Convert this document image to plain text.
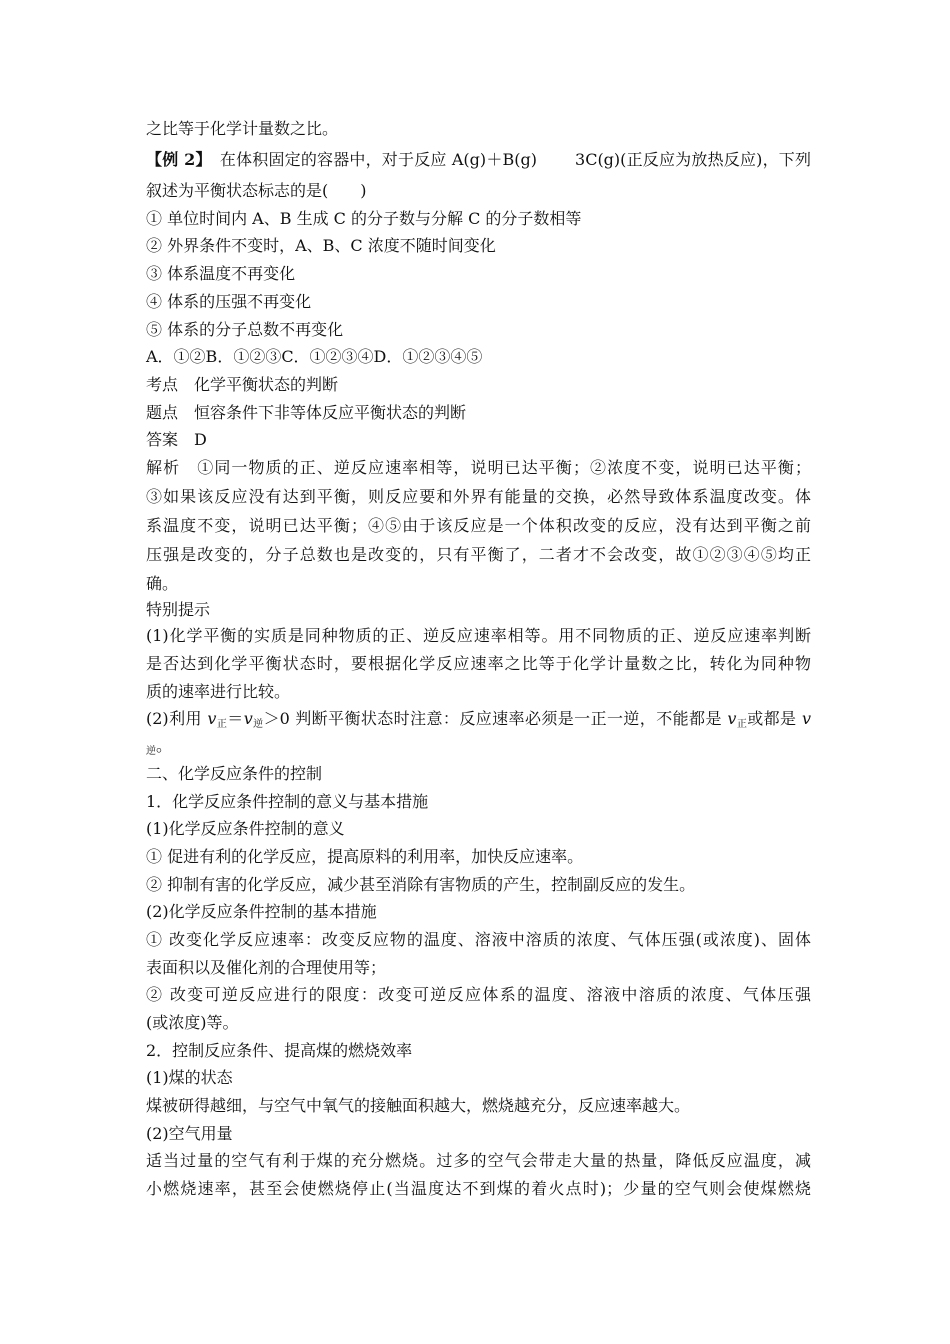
之比等于化学计量数之比。
【例 2】　 在体积固定的容器中，对于反应 A(g)＋B(g) 3C(g)(正反应为放热反应)，下列
叙述为平衡状态标志的是(　　)
① 单位时间内 A、B 生成 C 的分子数与分解 C 的分子数相等
② 外界条件不变时，A、B、C 浓度不随时间变化
③ 体系温度不再变化
④ 体系的压强不再变化
⑤ 体系的分子总数不再变化
A．①②B．①②③C．①②③④D．①②③④⑤
考点　化学平衡状态的判断
题点　恒容条件下非等体反应平衡状态的判断
答案　D
解析　①同一物质的正、逆反应速率相等，说明已达平衡；②浓度不变，说明已达平衡；
③如果该反应没有达到平衡，则反应要和外界有能量的交换，必然导致体系温度改变。体
系温度不变，说明已达平衡；④⑤由于该反应是一个体积改变的反应，没有达到平衡之前
压强是改变的，分子总数也是改变的，只有平衡了，二者才不会改变，故①②③④⑤均正
确。
特别提示
(1)化学平衡的实质是同种物质的正、逆反应速率相等。用不同物质的正、逆反应速率判断
是否达到化学平衡状态时，要根据化学反应速率之比等于化学计量数之比，转化为同种物
质的速率进行比较。
(2)利用 v正＝v逆＞0 判断平衡状态时注意：反应速率必须是一正一逆，不能都是 v正或都是 v
逆。
二、化学反应条件的控制
1．化学反应条件控制的意义与基本措施
(1)化学反应条件控制的意义
① 促进有利的化学反应，提高原料的利用率，加快反应速率。
② 抑制有害的化学反应，减少甚至消除有害物质的产生，控制副反应的发生。
(2)化学反应条件控制的基本措施
① 改变化学反应速率：改变反应物的温度、溶液中溶质的浓度、气体压强(或浓度)、固体
表面积以及催化剂的合理使用等；
② 改变可逆反应进行的限度：改变可逆反应体系的温度、溶液中溶质的浓度、气体压强
(或浓度)等。
2．控制反应条件、提高煤的燃烧效率
(1)煤的状态
煤被研得越细，与空气中氧气的接触面积越大，燃烧越充分，反应速率越大。
(2)空气用量
适当过量的空气有利于煤的充分燃烧。过多的空气会带走大量的热量，降低反应温度，减
小燃烧速率，甚至会使燃烧停止(当温度达不到煤的着火点时)；少量的空气则会使煤燃烧
